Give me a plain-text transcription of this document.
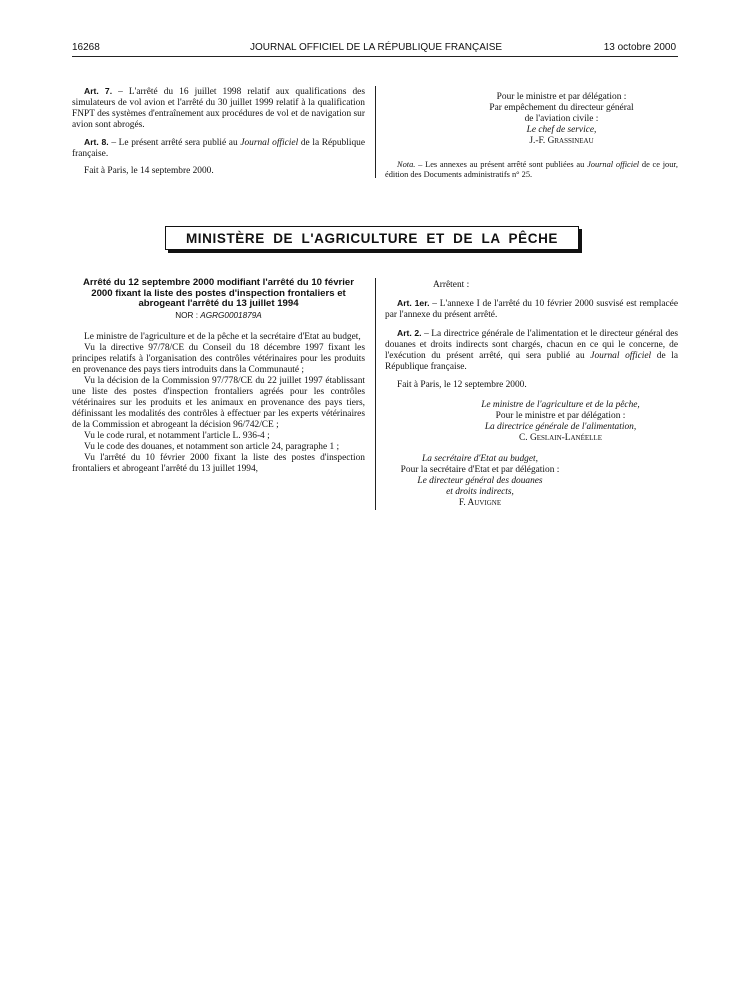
16268	JOURNAL OFFICIEL DE LA RÉPUBLIQUE FRANÇAISE	13 octobre 2000

Art. 7. – L'arrêté du 16 juillet 1998 relatif aux qualifications des simulateurs de vol avion et l'arrêté du 30 juillet 1999 relatif à la qualification FNPT des systèmes d'entraînement aux procédures de vol et de navigation sur avion sont abrogés.

Art. 8. – Le présent arrêté sera publié au Journal officiel de la République française.

Fait à Paris, le 14 septembre 2000.

Pour le ministre et par délégation :

Par empêchement du directeur général

de l'aviation civile :

Le chef de service,

J.-F. Grassineau

Nota. – Les annexes au présent arrêté sont publiées au Journal officiel de ce jour, édition des Documents administratifs n° 25.

MINISTÈRE DE L'AGRICULTURE ET DE LA PÊCHE

Arrêté du 12 septembre 2000 modifiant l'arrêté du 10 février 2000 fixant la liste des postes d'inspection frontaliers et abrogeant l'arrêté du 13 juillet 1994

NOR : AGRG0001879A

Le ministre de l'agriculture et de la pêche et la secrétaire d'Etat au budget,

Vu la directive 97/78/CE du Conseil du 18 décembre 1997 fixant les principes relatifs à l'organisation des contrôles vétérinaires pour les produits en provenance des pays tiers introduits dans la Communauté ;

Vu la décision de la Commission 97/778/CE du 22 juillet 1997 établissant une liste des postes d'inspection frontaliers agréés pour les contrôles vétérinaires sur les produits et les animaux en provenance des pays tiers, définissant les modalités des contrôles à effectuer par les experts vétérinaires de la Commission et abrogeant la décision 96/742/CE ;

Vu le code rural, et notamment l'article L. 936-4 ;

Vu le code des douanes, et notamment son article 24, paragraphe 1 ;

Vu l'arrêté du 10 février 2000 fixant la liste des postes d'inspection frontaliers et abrogeant l'arrêté du 13 juillet 1994,

Arrêtent :

Art. 1er. – L'annexe I de l'arrêté du 10 février 2000 susvisé est remplacée par l'annexe du présent arrêté.

Art. 2. – La directrice générale de l'alimentation et le directeur général des douanes et droits indirects sont chargés, chacun en ce qui le concerne, de l'exécution du présent arrêté, qui sera publié au Journal officiel de la République française.

Fait à Paris, le 12 septembre 2000.

Le ministre de l'agriculture et de la pêche,

Pour le ministre et par délégation :

La directrice générale de l'alimentation,

C. Geslain-Lanéelle

La secrétaire d'Etat au budget,

Pour la secrétaire d'Etat et par délégation :

Le directeur général des douanes

et droits indirects,

F. Auvigne
